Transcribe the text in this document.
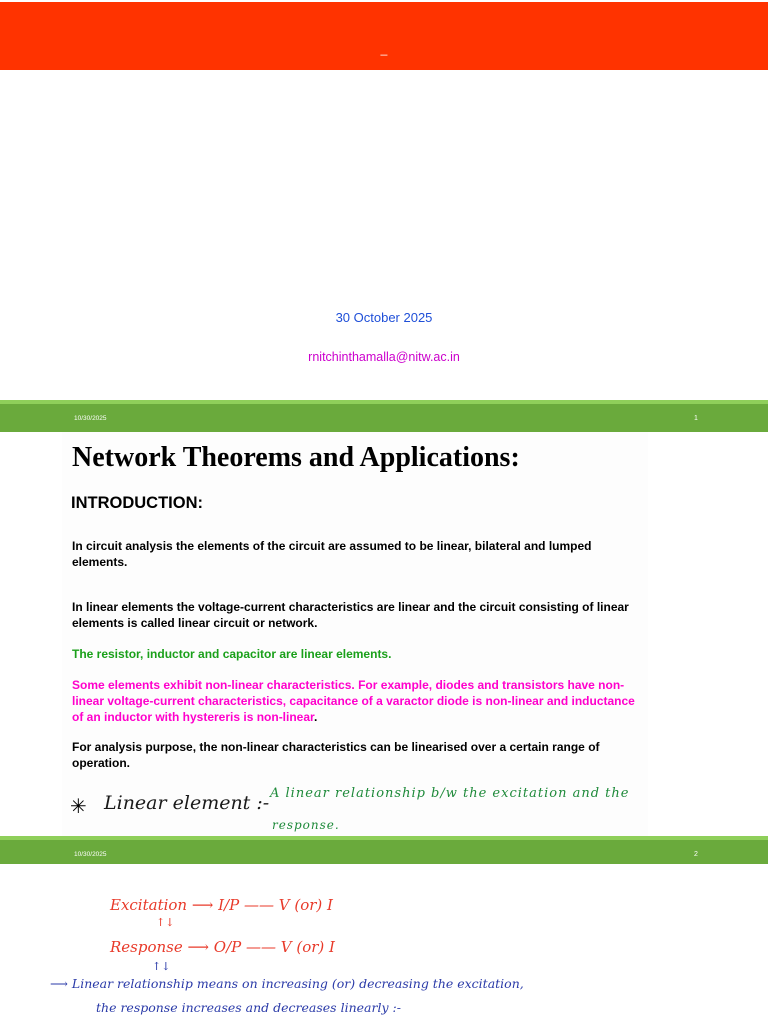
_
30 October 2025
rnitchinthamalla@nitw.ac.in
10/30/2025	1
Network Theorems and Applications:
INTRODUCTION:
In circuit analysis the elements of the circuit are assumed to be linear, bilateral and lumped elements.
In linear elements the voltage-current characteristics are linear and the circuit consisting of linear elements is called linear circuit or network.
The resistor, inductor and capacitor are linear elements.
Some elements exhibit non-linear characteristics. For example, diodes and transistors have non-linear voltage-current characteristics, capacitance of a varactor diode is non-linear and inductance of an inductor with hystereris is non-linear.
For analysis purpose, the non-linear characteristics can be linearised over a certain range of operation.
✳ Linear element :- A linear relationship b/w the excitation and the
response.
10/30/2025	2
Excitation ⟶ I/P —— V (or) I
↑↓
Response ⟶ O/P —— V (or) I
↑↓
⟶ Linear relationship means on increasing (or) decreasing the excitation,
the response increases and decreases linearly :-
